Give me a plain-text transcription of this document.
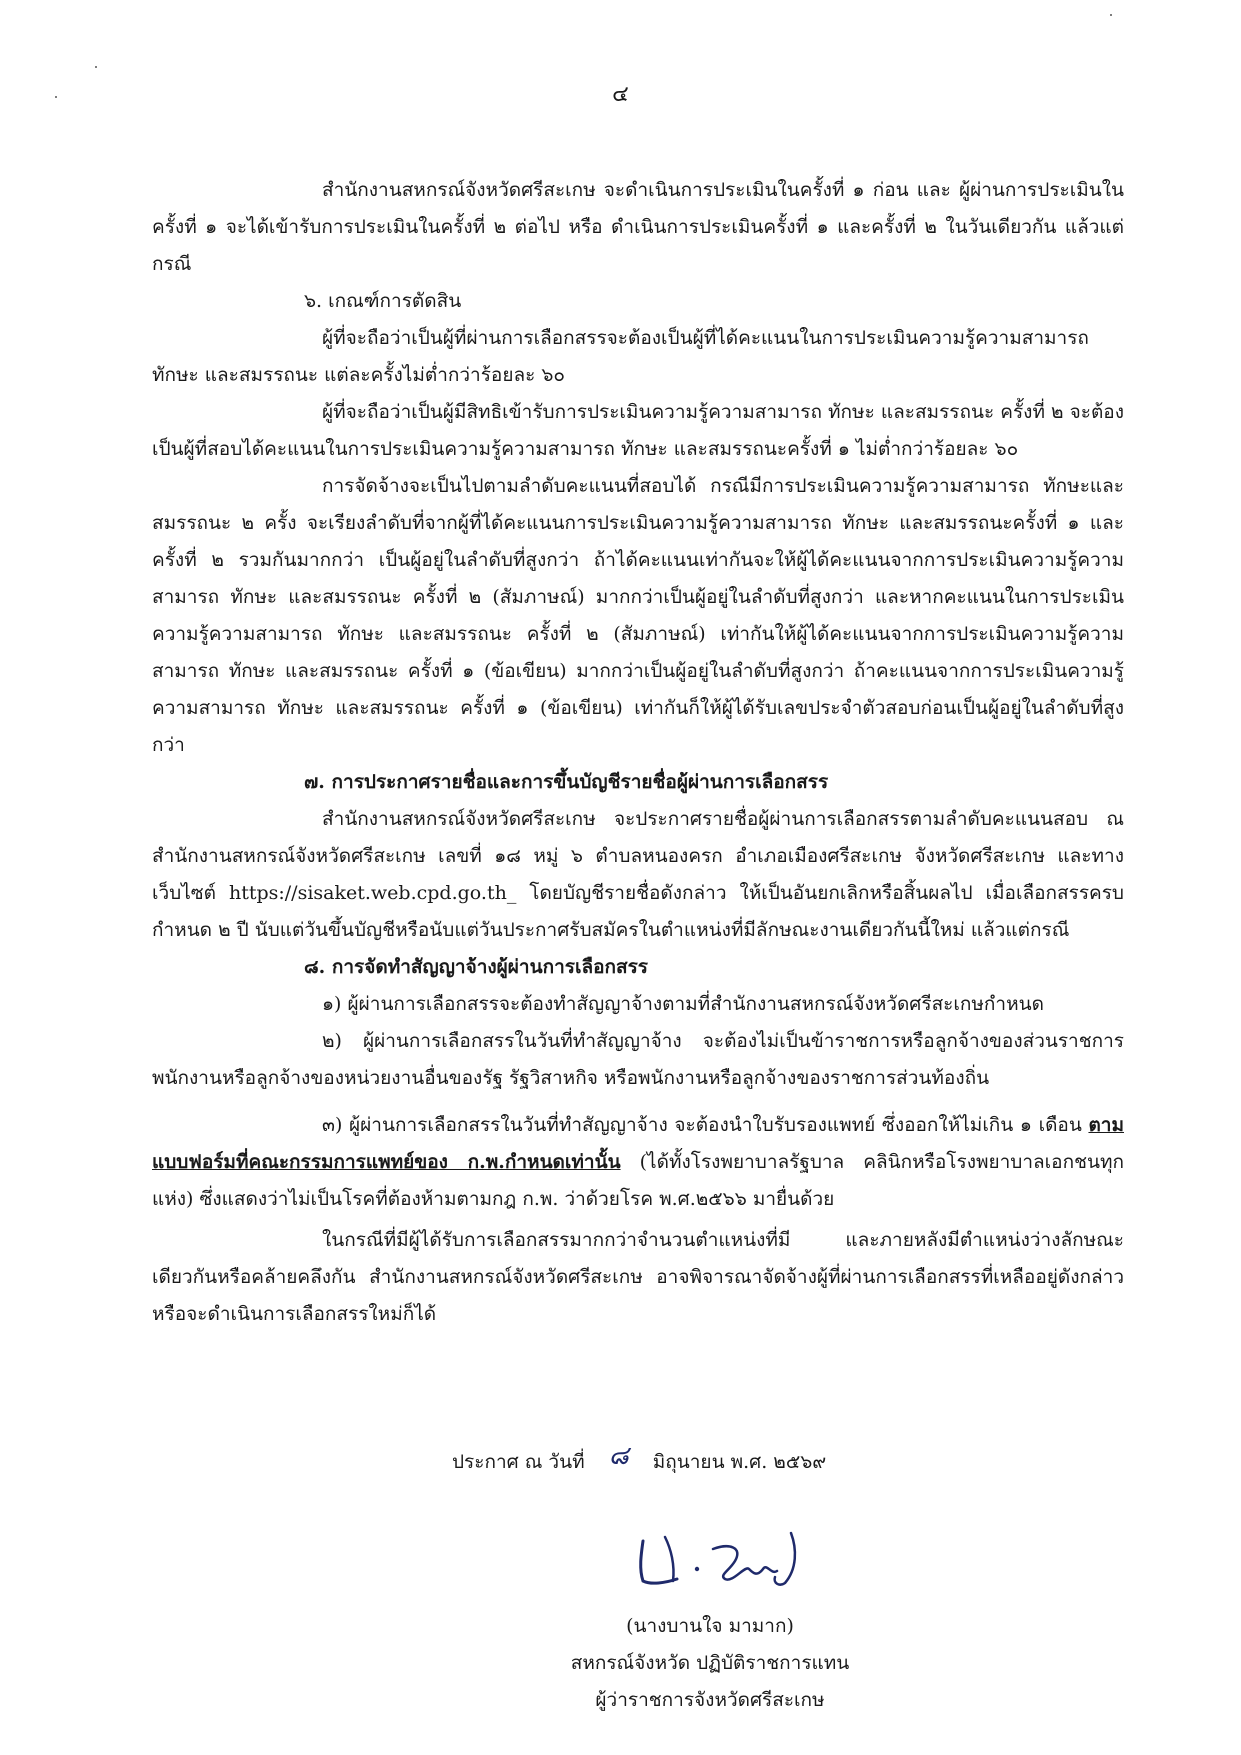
๔

สำนักงานสหกรณ์จังหวัดศรีสะเกษ จะดำเนินการประเมินในครั้งที่ ๑ ก่อน และ ผู้ผ่านการประเมินในครั้งที่ ๑ จะได้เข้ารับการประเมินในครั้งที่ ๒ ต่อไป หรือ ดำเนินการประเมินครั้งที่ ๑ และครั้งที่ ๒ ในวันเดียวกัน แล้วแต่กรณี

๖. เกณฑ์การตัดสิน

ผู้ที่จะถือว่าเป็นผู้ที่ผ่านการเลือกสรรจะต้องเป็นผู้ที่ได้คะแนนในการประเมินความรู้ความสามารถ ทักษะ และสมรรถนะ แต่ละครั้งไม่ต่ำกว่าร้อยละ ๖๐

ผู้ที่จะถือว่าเป็นผู้มีสิทธิเข้ารับการประเมินความรู้ความสามารถ ทักษะ และสมรรถนะ ครั้งที่ ๒ จะต้องเป็นผู้ที่สอบได้คะแนนในการประเมินความรู้ความสามารถ ทักษะ และสมรรถนะครั้งที่ ๑ ไม่ต่ำกว่าร้อยละ ๖๐

การจัดจ้างจะเป็นไปตามลำดับคะแนนที่สอบได้ กรณีมีการประเมินความรู้ความสามารถ ทักษะและสมรรถนะ ๒ ครั้ง จะเรียงลำดับที่จากผู้ที่ได้คะแนนการประเมินความรู้ความสามารถ ทักษะ และสมรรถนะครั้งที่ ๑ และครั้งที่ ๒ รวมกันมากกว่า เป็นผู้อยู่ในลำดับที่สูงกว่า ถ้าได้คะแนนเท่ากันจะให้ผู้ได้คะแนนจากการประเมินความรู้ความสามารถ ทักษะ และสมรรถนะ ครั้งที่ ๒ (สัมภาษณ์) มากกว่าเป็นผู้อยู่ในลำดับที่สูงกว่า และหากคะแนนในการประเมินความรู้ความสามารถ ทักษะ และสมรรถนะ ครั้งที่ ๒ (สัมภาษณ์) เท่ากันให้ผู้ได้คะแนนจากการประเมินความรู้ความสามารถ ทักษะ และสมรรถนะ ครั้งที่ ๑ (ข้อเขียน) มากกว่าเป็นผู้อยู่ในลำดับที่สูงกว่า ถ้าคะแนนจากการประเมินความรู้ความสามารถ ทักษะ และสมรรถนะ ครั้งที่ ๑ (ข้อเขียน) เท่ากันก็ให้ผู้ได้รับเลขประจำตัวสอบก่อนเป็นผู้อยู่ในลำดับที่สูงกว่า

๗. การประกาศรายชื่อและการขึ้นบัญชีรายชื่อผู้ผ่านการเลือกสรร

สำนักงานสหกรณ์จังหวัดศรีสะเกษ จะประกาศรายชื่อผู้ผ่านการเลือกสรรตามลำดับคะแนนสอบ ณ สำนักงานสหกรณ์จังหวัดศรีสะเกษ เลขที่ ๑๘ หมู่ ๖ ตำบลหนองครก อำเภอเมืองศรีสะเกษ จังหวัดศรีสะเกษ และทางเว็บไซต์ https://sisaket.web.cpd.go.th_ โดยบัญชีรายชื่อดังกล่าว ให้เป็นอันยกเลิกหรือสิ้นผลไป เมื่อเลือกสรรครบกำหนด ๒ ปี นับแต่วันขึ้นบัญชีหรือนับแต่วันประกาศรับสมัครในตำแหน่งที่มีลักษณะงานเดียวกันนี้ใหม่ แล้วแต่กรณี

๘. การจัดทำสัญญาจ้างผู้ผ่านการเลือกสรร

๑) ผู้ผ่านการเลือกสรรจะต้องทำสัญญาจ้างตามที่สำนักงานสหกรณ์จังหวัดศรีสะเกษกำหนด

๒) ผู้ผ่านการเลือกสรรในวันที่ทำสัญญาจ้าง จะต้องไม่เป็นข้าราชการหรือลูกจ้างของส่วนราชการ พนักงานหรือลูกจ้างของหน่วยงานอื่นของรัฐ รัฐวิสาหกิจ หรือพนักงานหรือลูกจ้างของราชการส่วนท้องถิ่น

๓) ผู้ผ่านการเลือกสรรในวันที่ทำสัญญาจ้าง จะต้องนำใบรับรองแพทย์ ซึ่งออกให้ไม่เกิน ๑ เดือน ตามแบบฟอร์มที่คณะกรรมการแพทย์ของ ก.พ.กำหนดเท่านั้น (ได้ทั้งโรงพยาบาลรัฐบาล คลินิกหรือโรงพยาบาลเอกชนทุกแห่ง) ซึ่งแสดงว่าไม่เป็นโรคที่ต้องห้ามตามกฎ ก.พ. ว่าด้วยโรค พ.ศ.๒๕๖๖ มายื่นด้วย

ในกรณีที่มีผู้ได้รับการเลือกสรรมากกว่าจำนวนตำแหน่งที่มี และภายหลังมีตำแหน่งว่างลักษณะเดียวกันหรือคล้ายคลึงกัน สำนักงานสหกรณ์จังหวัดศรีสะเกษ อาจพิจารณาจัดจ้างผู้ที่ผ่านการเลือกสรรที่เหลืออยู่ดังกล่าวหรือจะดำเนินการเลือกสรรใหม่ก็ได้

ประกาศ ณ วันที่ ๘ มิถุนายน พ.ศ. ๒๕๖๙
(นางบานใจ มามาก)
สหกรณ์จังหวัด ปฏิบัติราชการแทน
ผู้ว่าราชการจังหวัดศรีสะเกษ
